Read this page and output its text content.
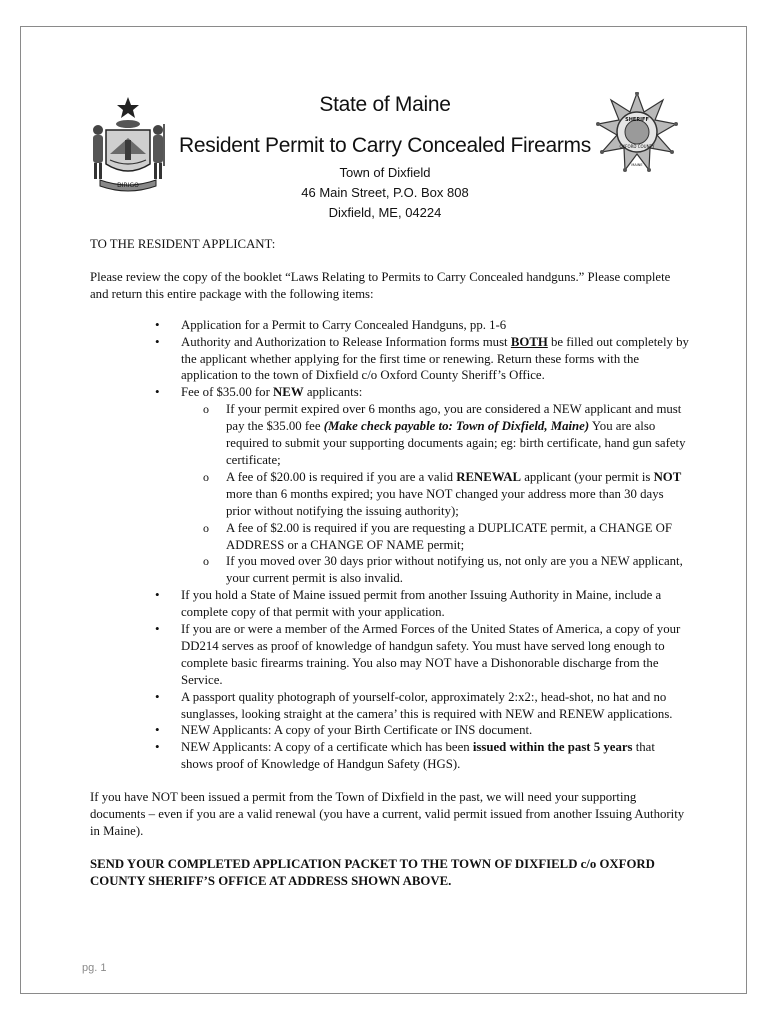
DIRIGO
SHERIFF
OXFORD COUNTY
MAINE
State of Maine
Resident Permit to Carry Concealed Firearms
Town of Dixfield
46 Main Street, P.O. Box 808
Dixfield, ME, 04224

TO THE RESIDENT APPLICANT:

Please review the copy of the booklet “Laws Relating to Permits to Carry Concealed handguns.” Please complete and return this entire package with the following items:

• Application for a Permit to Carry Concealed Handguns, pp. 1-6
• Authority and Authorization to Release Information forms must BOTH be filled out completely by the applicant whether applying for the first time or renewing. Return these forms with the application to the town of Dixfield c/o Oxford County Sheriff’s Office.
• Fee of $35.00 for NEW applicants:
o If your permit expired over 6 months ago, you are considered a NEW applicant and must pay the $35.00 fee (Make check payable to: Town of Dixfield, Maine) You are also required to submit your supporting documents again; eg: birth certificate, hand gun safety certificate;
o A fee of $20.00 is required if you are a valid RENEWAL applicant (your permit is NOT more than 6 months expired; you have NOT changed your address more than 30 days prior without notifying the issuing authority);
o A fee of $2.00 is required if you are requesting a DUPLICATE permit, a CHANGE OF ADDRESS or a CHANGE OF NAME permit;
o If you moved over 30 days prior without notifying us, not only are you a NEW applicant, your current permit is also invalid.
• If you hold a State of Maine issued permit from another Issuing Authority in Maine, include a complete copy of that permit with your application.
• If you are or were a member of the Armed Forces of the United States of America, a copy of your DD214 serves as proof of knowledge of handgun safety. You must have served long enough to complete basic firearms training. You also may NOT have a Dishonorable discharge from the Service.
• A passport quality photograph of yourself-color, approximately 2:x2:, head-shot, no hat and no sunglasses, looking straight at the camera’ this is required with NEW and RENEW applications.
• NEW Applicants: A copy of your Birth Certificate or INS document.
• NEW Applicants: A copy of a certificate which has been issued within the past 5 years that shows proof of Knowledge of Handgun Safety (HGS).

If you have NOT been issued a permit from the Town of Dixfield in the past, we will need your supporting documents – even if you are a valid renewal (you have a current, valid permit issued from another Issuing Authority in Maine).

SEND YOUR COMPLETED APPLICATION PACKET TO THE TOWN OF DIXFIELD c/o OXFORD COUNTY SHERIFF’S OFFICE AT ADDRESS SHOWN ABOVE.

pg. 1
